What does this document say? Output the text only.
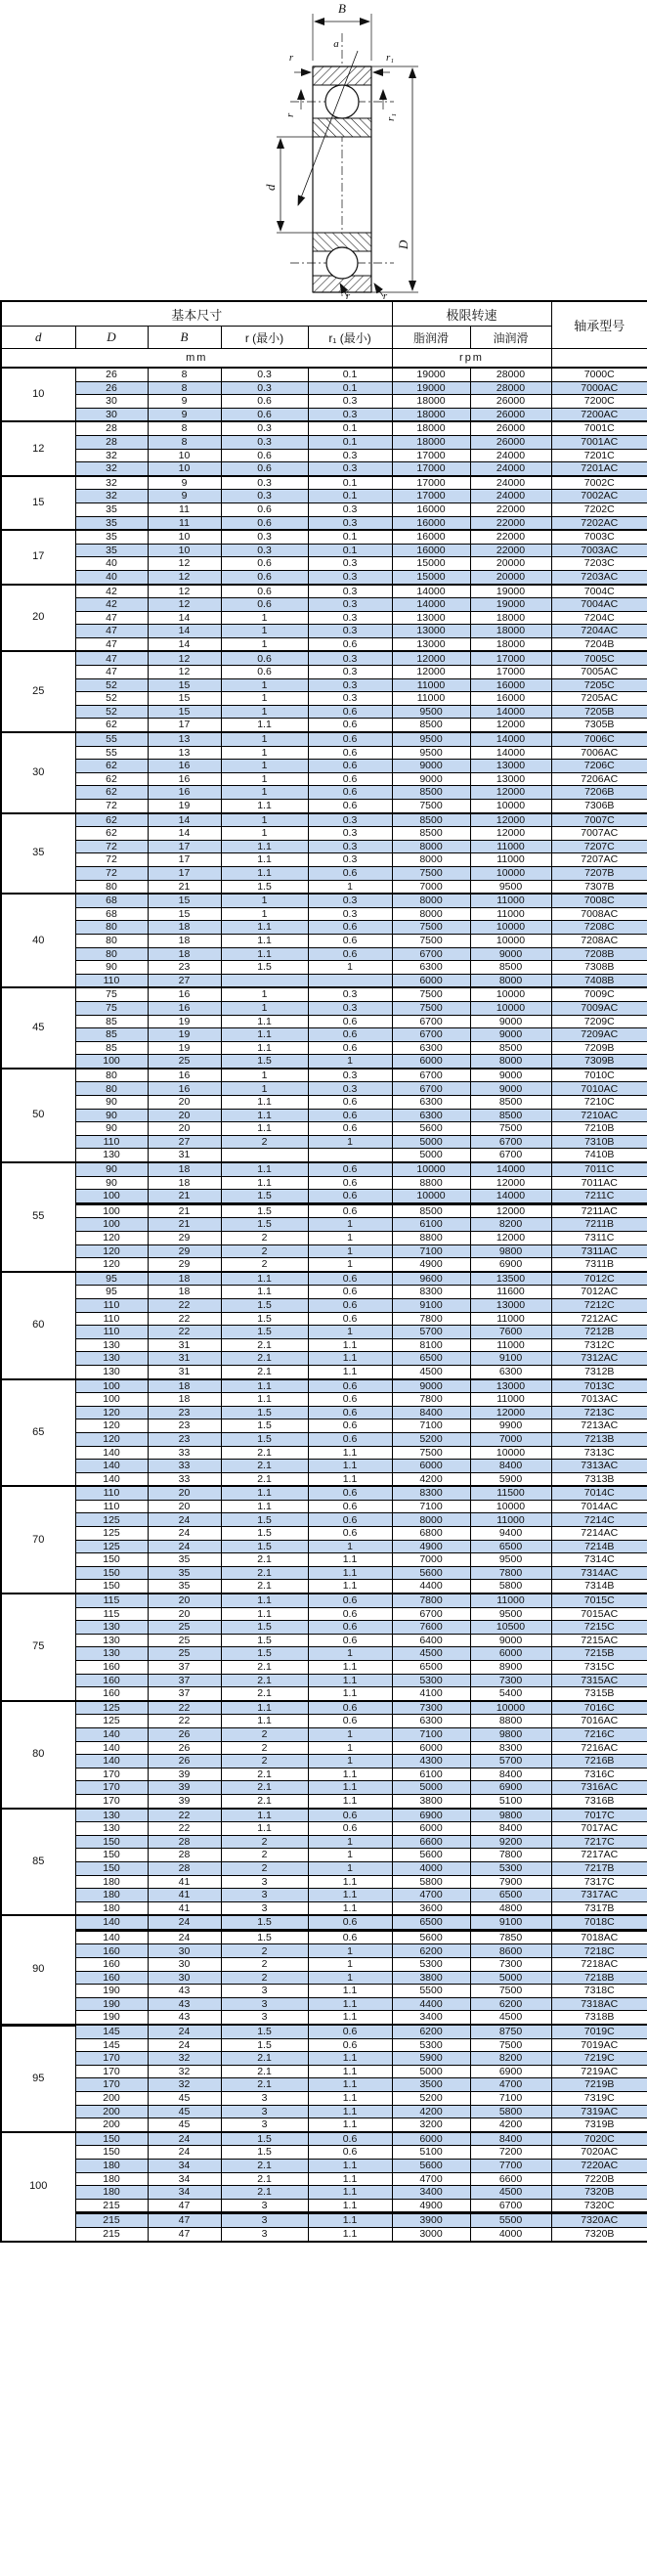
B
a
r	r₁
r	r₁
d
D
r	r
基本尺寸					极限转速		轴承型号
d	D	B	r (最小)	r₁ (最小)	脂润滑	油润滑	
mm					rpm		
10	26	8	0.3	0.1	19000	28000	7000C
	26	8	0.3	0.1	19000	28000	7000AC
	30	9	0.6	0.3	18000	26000	7200C
	30	9	0.6	0.3	18000	26000	7200AC
12	28	8	0.3	0.1	18000	26000	7001C
	28	8	0.3	0.1	18000	26000	7001AC
	32	10	0.6	0.3	17000	24000	7201C
	32	10	0.6	0.3	17000	24000	7201AC
15	32	9	0.3	0.1	17000	24000	7002C
	32	9	0.3	0.1	17000	24000	7002AC
	35	11	0.6	0.3	16000	22000	7202C
	35	11	0.6	0.3	16000	22000	7202AC
17	35	10	0.3	0.1	16000	22000	7003C
	35	10	0.3	0.1	16000	22000	7003AC
	40	12	0.6	0.3	15000	20000	7203C
	40	12	0.6	0.3	15000	20000	7203AC
20	42	12	0.6	0.3	14000	19000	7004C
	42	12	0.6	0.3	14000	19000	7004AC
	47	14	1	0.3	13000	18000	7204C
	47	14	1	0.3	13000	18000	7204AC
	47	14	1	0.6	13000	18000	7204B
25	47	12	0.6	0.3	12000	17000	7005C
	47	12	0.6	0.3	12000	17000	7005AC
	52	15	1	0.3	11000	16000	7205C
	52	15	1	0.3	11000	16000	7205AC
	52	15	1	0.6	9500	14000	7205B
	62	17	1.1	0.6	8500	12000	7305B
30	55	13	1	0.6	9500	14000	7006C
	55	13	1	0.6	9500	14000	7006AC
	62	16	1	0.6	9000	13000	7206C
	62	16	1	0.6	9000	13000	7206AC
	62	16	1	0.6	8500	12000	7206B
	72	19	1.1	0.6	7500	10000	7306B
35	62	14	1	0.3	8500	12000	7007C
	62	14	1	0.3	8500	12000	7007AC
	72	17	1.1	0.3	8000	11000	7207C
	72	17	1.1	0.3	8000	11000	7207AC
	72	17	1.1	0.6	7500	10000	7207B
	80	21	1.5	1	7000	9500	7307B
40	68	15	1	0.3	8000	11000	7008C
	68	15	1	0.3	8000	11000	7008AC
	80	18	1.1	0.6	7500	10000	7208C
	80	18	1.1	0.6	7500	10000	7208AC
	80	18	1.1	0.6	6700	9000	7208B
	90	23	1.5	1	6300	8500	7308B
	110	27			6000	8000	7408B
45	75	16	1	0.3	7500	10000	7009C
	75	16	1	0.3	7500	10000	7009AC
	85	19	1.1	0.6	6700	9000	7209C
	85	19	1.1	0.6	6700	9000	7209AC
	85	19	1.1	0.6	6300	8500	7209B
	100	25	1.5	1	6000	8000	7309B
50	80	16	1	0.3	6700	9000	7010C
	80	16	1	0.3	6700	9000	7010AC
	90	20	1.1	0.6	6300	8500	7210C
	90	20	1.1	0.6	6300	8500	7210AC
	90	20	1.1	0.6	5600	7500	7210B
	110	27	2	1	5000	6700	7310B
	130	31			5000	6700	7410B
55	90	18	1.1	0.6	10000	14000	7011C
	90	18	1.1	0.6	8800	12000	7011AC
	100	21	1.5	0.6	10000	14000	7211C
	100	21	1.5	0.6	8500	12000	7211AC
	100	21	1.5	1	6100	8200	7211B
	120	29	2	1	8800	12000	7311C
	120	29	2	1	7100	9800	7311AC
	120	29	2	1	4900	6900	7311B
60	95	18	1.1	0.6	9600	13500	7012C
	95	18	1.1	0.6	8300	11600	7012AC
	110	22	1.5	0.6	9100	13000	7212C
	110	22	1.5	0.6	7800	11000	7212AC
	110	22	1.5	1	5700	7600	7212B
	130	31	2.1	1.1	8100	11000	7312C
	130	31	2.1	1.1	6500	9100	7312AC
	130	31	2.1	1.1	4500	6300	7312B
65	100	18	1.1	0.6	9000	13000	7013C
	100	18	1.1	0.6	7800	11000	7013AC
	120	23	1.5	0.6	8400	12000	7213C
	120	23	1.5	0.6	7100	9900	7213AC
	120	23	1.5	0.6	5200	7000	7213B
	140	33	2.1	1.1	7500	10000	7313C
	140	33	2.1	1.1	6000	8400	7313AC
	140	33	2.1	1.1	4200	5900	7313B
70	110	20	1.1	0.6	8300	11500	7014C
	110	20	1.1	0.6	7100	10000	7014AC
	125	24	1.5	0.6	8000	11000	7214C
	125	24	1.5	0.6	6800	9400	7214AC
	125	24	1.5	1	4900	6500	7214B
	150	35	2.1	1.1	7000	9500	7314C
	150	35	2.1	1.1	5600	7800	7314AC
	150	35	2.1	1.1	4400	5800	7314B
75	115	20	1.1	0.6	7800	11000	7015C
	115	20	1.1	0.6	6700	9500	7015AC
	130	25	1.5	0.6	7600	10500	7215C
	130	25	1.5	0.6	6400	9000	7215AC
	130	25	1.5	1	4500	6000	7215B
	160	37	2.1	1.1	6500	8900	7315C
	160	37	2.1	1.1	5300	7300	7315AC
	160	37	2.1	1.1	4100	5400	7315B
80	125	22	1.1	0.6	7300	10000	7016C
	125	22	1.1	0.6	6300	8800	7016AC
	140	26	2	1	7100	9800	7216C
	140	26	2	1	6000	8300	7216AC
	140	26	2	1	4300	5700	7216B
	170	39	2.1	1.1	6100	8400	7316C
	170	39	2.1	1.1	5000	6900	7316AC
	170	39	2.1	1.1	3800	5100	7316B
85	130	22	1.1	0.6	6900	9800	7017C
	130	22	1.1	0.6	6000	8400	7017AC
	150	28	2	1	6600	9200	7217C
	150	28	2	1	5600	7800	7217AC
	150	28	2	1	4000	5300	7217B
	180	41	3	1.1	5800	7900	7317C
	180	41	3	1.1	4700	6500	7317AC
	180	41	3	1.1	3600	4800	7317B
90	140	24	1.5	0.6	6500	9100	7018C
	140	24	1.5	0.6	5600	7850	7018AC
	160	30	2	1	6200	8600	7218C
	160	30	2	1	5300	7300	7218AC
	160	30	2	1	3800	5000	7218B
	190	43	3	1.1	5500	7500	7318C
	190	43	3	1.1	4400	6200	7318AC
	190	43	3	1.1	3400	4500	7318B
95	145	24	1.5	0.6	6200	8750	7019C
	145	24	1.5	0.6	5300	7500	7019AC
	170	32	2.1	1.1	5900	8200	7219C
	170	32	2.1	1.1	5000	6900	7219AC
	170	32	2.1	1.1	3500	4700	7219B
	200	45	3	1.1	5200	7100	7319C
	200	45	3	1.1	4200	5800	7319AC
	200	45	3	1.1	3200	4200	7319B
100	150	24	1.5	0.6	6000	8400	7020C
	150	24	1.5	0.6	5100	7200	7020AC
	180	34	2.1	1.1	5600	7700	7220AC
	180	34	2.1	1.1	4700	6600	7220B
	180	34	2.1	1.1	3400	4500	7320B
	215	47	3	1.1	4900	6700	7320C
	215	47	3	1.1	3900	5500	7320AC
	215	47	3	1.1	3000	4000	7320B
